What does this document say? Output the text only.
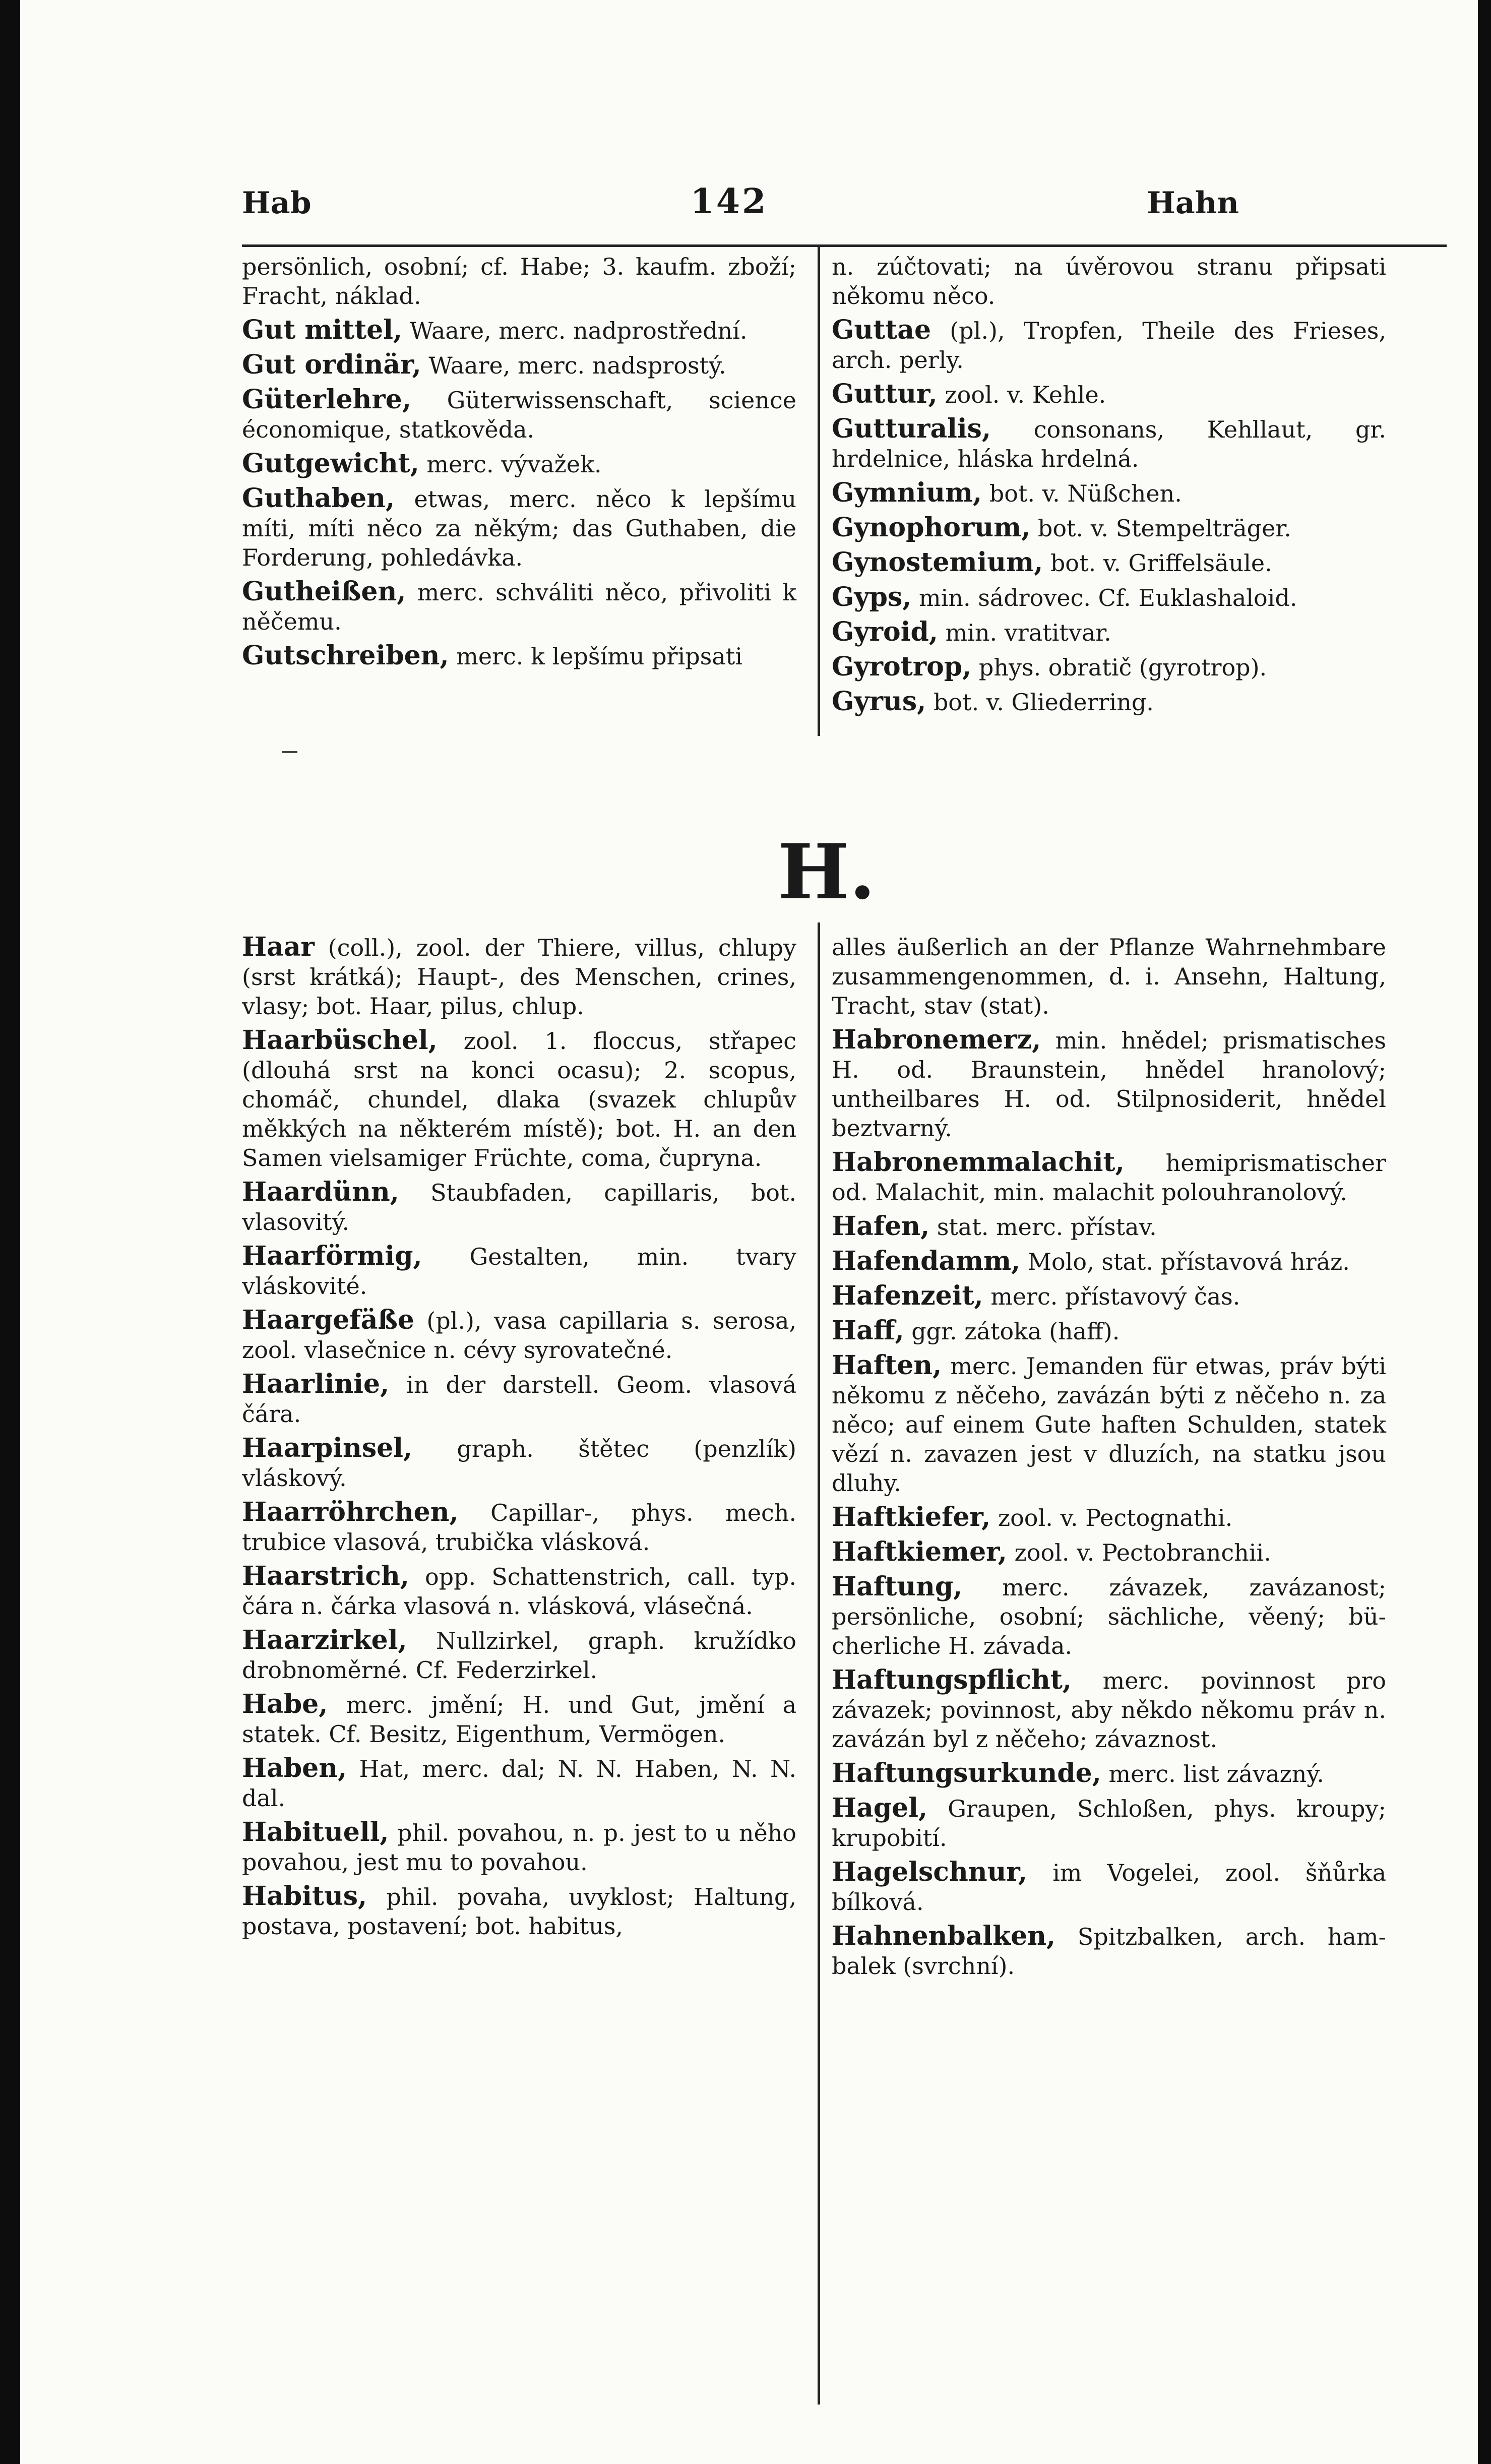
Hab	142	Hahn
persönlich, osobní; cf. Habe; 3. kaufm. zboží; Fracht, náklad.
Gut mittel, Waare, merc. nadprostřední.
Gut ordinär, Waare, merc. nadsprostý.
Güterlehre, Güterwissenschaft, science économique, statkověda.
Gutgewicht, merc. vývažek.
Guthaben, etwas, merc. něco k lepšímu míti, míti něco za někým; das Guthaben, die Forderung, pohledávka.
Gutheißen, merc. schváliti něco, přivoliti k něčemu.
Gutschreiben, merc. k lepšímu připsati
n. zúčtovati; na úvěrovou stranu připsati někomu něco.
Guttae (pl.), Tropfen, Theile des Frieses, arch. perly.
Guttur, zool. v. Kehle.
Gutturalis, consonans, Kehllaut, gr. hrdelnice, hláska hrdelná.
Gymnium, bot. v. Nüßchen.
Gynophorum, bot. v. Stempelträger.
Gynostemium, bot. v. Griffelsäule.
Gyps, min. sádrovec. Cf. Euklashaloid.
Gyroid, min. vratitvar.
Gyrotrop, phys. obratič (gyrotrop).
Gyrus, bot. v. Gliederring.
H.
Haar (coll.), zool. der Thiere, villus, chlupy (srst krátká); Haupt-, des Menschen, crines, vlasy; bot. Haar, pilus, chlup.
Haarbüschel, zool. 1. floccus, střapec (dlouhá srst na konci ocasu); 2. scopus, chomáč, chundel, dlaka (svazek chlupův měkkých na některém místě); bot. H. an den Samen vielsamiger Früchte, coma, čupryna.
Haardünn, Staubfaden, capillaris, bot. vlasovitý.
Haarförmig, Gestalten, min. tvary vláskovité.
Haargefäße (pl.), vasa capillaria s. serosa, zool. vlasečnice n. cévy syrovatečné.
Haarlinie, in der darstell. Geom. vlasová čára.
Haarpinsel, graph. štětec (penzlík) vláskový.
Haarröhrchen, Capillar-, phys. mech. trubice vlasová, trubička vlásková.
Haarstrich, opp. Schattenstrich, call. typ. čára n. čárka vlasová n. vlásková, vlásečná.
Haarzirkel, Nullzirkel, graph. kružídko drobnoměrné. Cf. Federzirkel.
Habe, merc. jmění; H. und Gut, jmění a statek. Cf. Besitz, Eigenthum, Vermögen.
Haben, Hat, merc. dal; N. N. Haben, N. N. dal.
Habituell, phil. povahou, n. p. jest to u něho povahou, jest mu to povahou.
Habitus, phil. povaha, uvyklost; Haltung, postava, postavení; bot. habitus,
alles äußerlich an der Pflanze Wahrnehmbare zusammengenommen, d. i. Ansehn, Haltung, Tracht, stav (stat).
Habronemerz, min. hnědel; prismatisches H. od. Braunstein, hnědel hranolový; untheilbares H. od. Stilpnosiderit, hnědel beztvarný.
Habronemmalachit, hemiprismatischer od. Malachit, min. malachit polouhranolový.
Hafen, stat. merc. přístav.
Hafendamm, Molo, stat. přístavová hráz.
Hafenzeit, merc. přístavový čas.
Haff, ggr. zátoka (haff).
Haften, merc. Jemanden für etwas, práv býti někomu z něčeho, zavázán býti z něčeho n. za něco; auf einem Gute haften Schulden, statek vězí n. zavazen jest v dluzích, na statku jsou dluhy.
Haftkiefer, zool. v. Pectognathi.
Haftkiemer, zool. v. Pectobranchii.
Haftung, merc. závazek, zavázanost; persönliche, osobní; sächliche, věený; bücherliche H. závada.
Haftungspflicht, merc. povinnost pro závazek; povinnost, aby někdo někomu práv n. zavázán byl z něčeho; závaznost.
Haftungsurkunde, merc. list závazný.
Hagel, Graupen, Schloßen, phys. kroupy; krupobití.
Hagelschnur, im Vogelei, zool. šňůrka bílková.
Hahnenbalken, Spitzbalken, arch. hambalek (svrchní).
